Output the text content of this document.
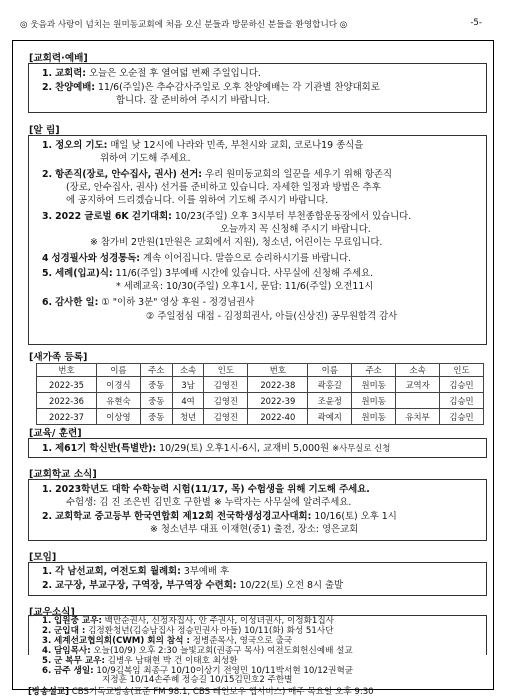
◎ 웃음과 사랑이 넘치는 원미동교회에 처음 오신 분들과 방문하신 분들을 환영합니다 ◎	-5-
[교회력·예배]
1. 교회력: 오늘은 오순절 후 열여덟 번째 주일입니다.
2. 찬양예배: 11/6(주일)은 추수감사주일로 오후 찬양예배는 각 기관별 찬양대회로
합니다. 잘 준비하여 주시기 바랍니다.
[알 림]
1. 정오의 기도: 매일 낮 12시에 나라와 민족, 부천시와 교회, 코로나19 종식을
위하여 기도해 주세요.
2. 항존직(장로, 안수집사, 권사) 선거: 우리 원미동교회의 일꾼을 세우기 위해 항존직
(장로, 안수집사, 권사) 선거를 준비하고 있습니다. 자세한 일정과 방법은 추후
에 공지하여 드리겠습니다. 이를 위하여 기도해 주시기 바랍니다.
3. 2022 글로벌 6K 걷기대회: 10/23(주일) 오후 3시부터 부천종합운동장에서 있습니다.
오늘까지 꼭 신청해 주시기 바랍니다.
※ 참가비 2만원(1만원은 교회에서 지원), 청소년, 어린이는 무료입니다.
4 성경필사와 성경통독: 계속 이어집니다. 말씀으로 승리하시기를 바랍니다.
5. 세례(입교)식: 11/6(주일) 3부예배 시간에 있습니다. 사무실에 신청해 주세요.
* 세례교육: 10/30(주일) 오후1시, 문답: 11/6(주일) 오전11시
6. 감사한 일: ① "이하 3분" 영상 후원 - 정경님권사
② 주일점심 대접 - 김정희권사, 아들(신상진) 공무원합격 감사
[새가족 등록]
번호	이름	주소	소속	인도	번호	이름	주소	소속	인도
2022-35	이경식	중동	3남	김영진	2022-38	곽홍길	원미동	교역자	김승민
2022-36	유현숙	중동	4여	김영진	2022-39	조윤정	원미동		김승민
2022-37	이상영	중동	청년	김영진	2022-40	곽예지	원미동	유치부	김승민
[교육/ 훈련]
1. 제61기 학신반(특별반): 10/29(토) 오후1시-6시, 교재비 5,000원 ※사무실로 신청
[교회학교 소식]
1. 2023학년도 대학 수학능력 시험(11/17, 목) 수험생을 위해 기도해 주세요.
수험생: 김 진 조은빈 김민호 구한별 ※ 누락자는 사무실에 알려주세요.
2. 교회학교 중고등부 한국연합회 제12회 전국학생성경고사대회: 10/16(토) 오후 1시
※ 청소년부 대표 이재현(중1) 출전, 장소: 영은교회
[모임]
1. 각 남선교회, 여전도회 월례회: 3부예배 후
2. 교구장, 부교구장, 구역장, 부구역장 수련회: 10/22(토) 오전 8시 출발
[교우소식]
1. 입원중 교우: 백만순권사, 신정자집사, 안 주권사, 이성녀권사, 이정화1집사
2. 군입대 : 김정환청년(김승남집사 정승민권사 아들) 10/11(화) 화성 51사단
3. 세계선교협의회(CWM) 회의 참석 : 정병준목사, 영국으로 출국
4. 담임목사: 오늘(10/9) 오후 2:30 늘빛교회(권종구 목사) 여전도회헌신예배 설교
5. 군 복무 교우: 김병우 남태현 박 건 이태호 최성환
6. 금주 생일: 10/9김복임 최종구 10/10이상기 전영민 10/11박서현 10/12권혁균
지정훈 10/14손주혜 정승길 10/15김민호2 주한별
[방송설교] CBS기독교방송(표준 FM 98.1, CBS 레인보우 앱서비스) 매주 목요일 오후 9:30
